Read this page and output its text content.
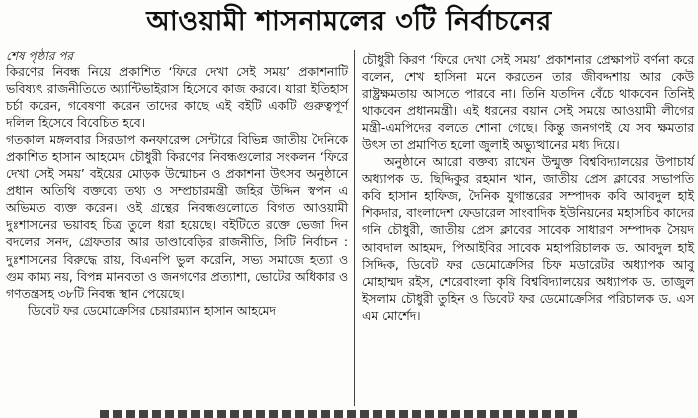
আওয়ামী শাসনামলের ৩টি নির্বাচনের
শেষ পৃষ্ঠার পর

কিরণের নিবন্ধ নিয়ে প্রকাশিত ‘ফিরে দেখা সেই সময়’ প্রকাশনাটি ভবিষ্যৎ রাজনীতিতে অ্যান্টিভাইরাস হিসেবে কাজ করবে। যারা ইতিহাস চর্চা করেন, গবেষণা করেন তাদের কাছে এই বইটি একটি গুরুত্বপূর্ণ দলিল হিসেবে বিবেচিত হবে।

গতকাল মঙ্গলবার সিরডাপ কনফারেন্স সেন্টারে বিভিন্ন জাতীয় দৈনিকে প্রকাশিত হাসান আহমেদ চৌধুরী কিরণের নিবন্ধগুলোর সংকলন ‘ফিরে দেখা সেই সময়’ বইয়ের মোড়ক উন্মোচন ও প্রকাশনা উৎসব অনুষ্ঠানে প্রধান অতিথি বক্তব্যে তথ্য ও সম্প্রচারমন্ত্রী জহির উদ্দিন স্বপন এ অভিমত ব্যক্ত করেন। ওই গ্রন্থের নিবন্ধগুলোতে বিগত আওয়ামী দুঃশাসনের ভয়াবহ চিত্র তুলে ধরা হয়েছে। বইটিতে রক্তে ভেজা দিন বদলের সনদ, গ্রেফতার আর ডাণ্ডাবেড়ির রাজনীতি, সিটি নির্বাচন : দুঃশাসনের বিরুদ্ধে রায়, বিএনপি ভুল করেনি, সভ্য সমাজে হত্যা ও গুম কাম্য নয়, বিপন্ন মানবতা ও জনগণের প্রত্যাশা, ভোটের অধিকার ও গণতন্ত্রসহ ৩৮টি নিবন্ধ স্থান পেয়েছে।

ডিবেট ফর ডেমোক্রেসির চেয়ারম্যান হাসান আহমেদ

চৌধুরী কিরণ ‘ফিরে দেখা সেই সময়’ প্রকাশনার প্রেক্ষাপট বর্ণনা করে বলেন, শেখ হাসিনা মনে করতেন তার জীবদ্দশায় আর কেউ রাষ্ট্রক্ষমতায় আসতে পারবে না। তিনি যতদিন বেঁচে থাকবেন তিনিই থাকবেন প্রধানমন্ত্রী। এই ধরনের বয়ান সেই সময়ে আওয়ামী লীগের মন্ত্রী-এমপিদের বলতে শোনা গেছে। কিন্তু জনগণই যে সব ক্ষমতার উৎস তা প্রমাণিত হলো জুলাই অভ্যুত্থানের মধ্য দিয়ে।

অনুষ্ঠানে আরো বক্তব্য রাখেন উন্মুক্ত বিশ্ববিদ্যালয়ের উপাচার্য অধ্যাপক ড. ছিদ্দিকুর রহমান খান, জাতীয় প্রেস ক্লাবের সভাপতি কবি হাসান হাফিজ, দৈনিক যুগান্তরের সম্পাদক কবি আবদুল হাই শিকদার, বাংলাদেশ ফেডারেল সাংবাদিক ইউনিয়নের মহাসচিব কাদের গনি চৌধুরী, জাতীয় প্রেস ক্লাবের সাবেক সাধারণ সম্পাদক সৈয়দ আবদাল আহমদ, পিআইবির সাবেক মহাপরিচালক ড. আবদুল হাই সিদ্দিক, ডিবেট ফর ডেমোক্রেসির চিফ মডারেটর অধ্যাপক আবু মোহাম্মদ রইস, শেরেবাংলা কৃষি বিশ্ববিদ্যালয়ের অধ্যাপক ড. তাজুল ইসলাম চৌধুরী তুহিন ও ডিবেট ফর ডেমোক্রেসির পরিচালক ড. এস এম মোর্শেদ।
